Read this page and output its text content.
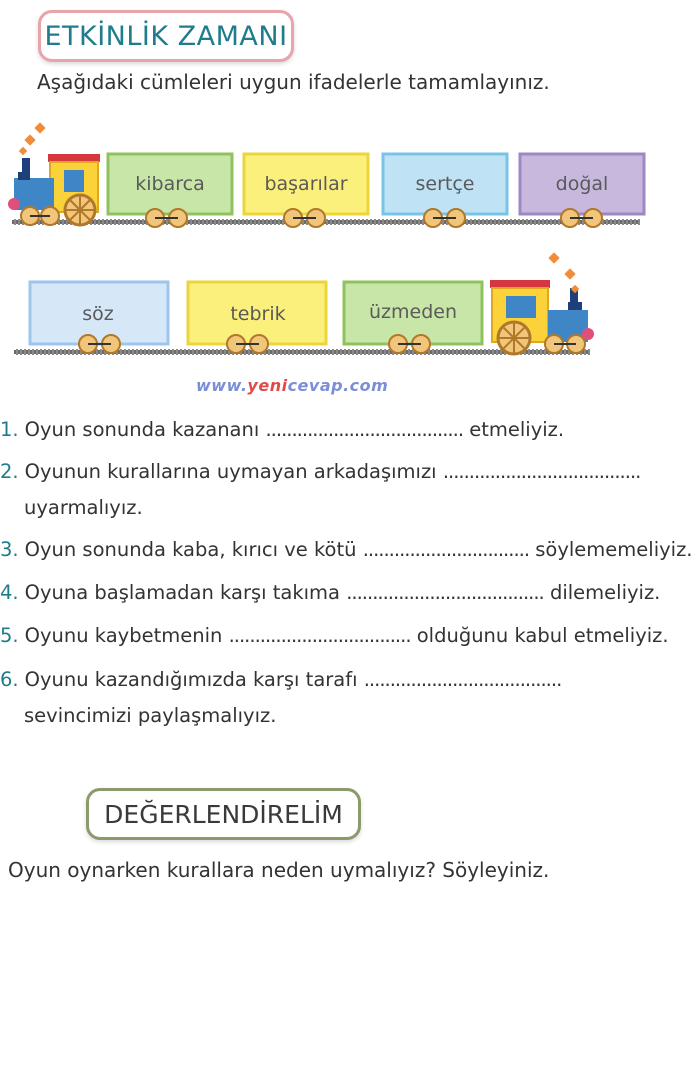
ETKİNLİK ZAMANI
Aşağıdaki cümleleri uygun ifadelerle tamamlayınız.
kibarca	başarılar	sertçe	doğal
söz	tebrik	üzmeden
www.yenicevap.com
1. Oyun sonunda kazananı ...................................... etmeliyiz.
2. Oyunun kurallarına uymayan arkadaşımızı ......................................
uyarmalıyız.
3. Oyun sonunda kaba, kırıcı ve kötü ................................ söylememeliyiz.
4. Oyuna başlamadan karşı takıma ...................................... dilemeliyiz.
5. Oyunu kaybetmenin ................................... olduğunu kabul etmeliyiz.
6. Oyunu kazandığımızda karşı tarafı ......................................
sevincimizi paylaşmalıyız.
DEĞERLENDİRELİM
Oyun oynarken kurallara neden uymalıyız? Söyleyiniz.
